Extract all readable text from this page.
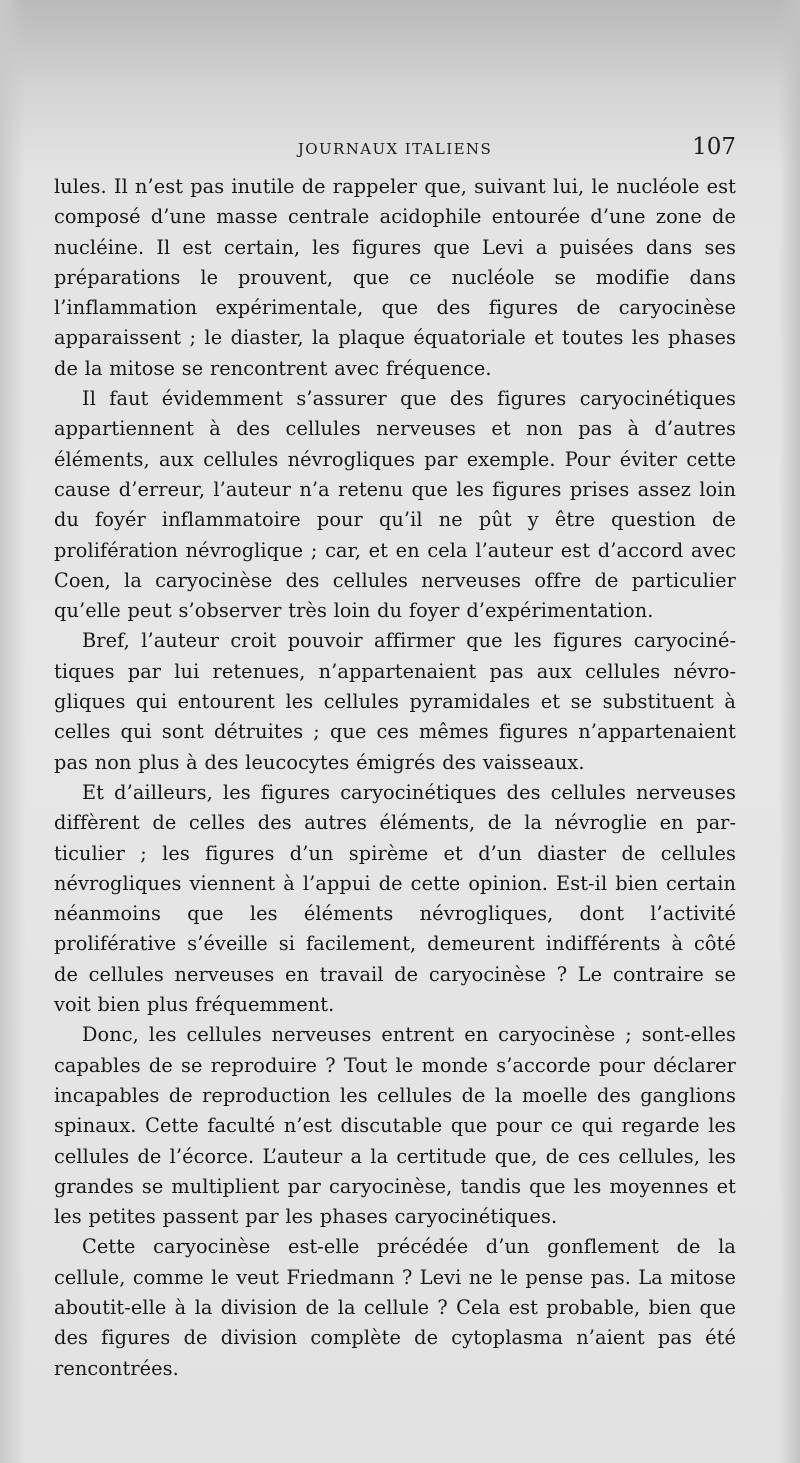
JOURNAUX ITALIENS	107

lules. Il n’est pas inutile de rappeler que, suivant lui, le nucléole est composé d’une masse centrale acidophile entourée d’une zone de nucléine. Il est certain, les figures que Levi a puisées dans ses préparations le prouvent, que ce nucléole se modifie dans l’inflammation expérimentale, que des figures de caryocinèse apparaissent ; le diaster, la plaque équatoriale et toutes les phases de la mitose se rencontrent avec fréquence.

Il faut évidemment s’assurer que des figures caryocinétiques appartiennent à des cellules nerveuses et non pas à d’autres éléments, aux cellules névrogliques par exemple. Pour éviter cette cause d’erreur, l’auteur n’a retenu que les figures prises assez loin du foyér inflammatoire pour qu’il ne pût y être question de prolifération névroglique ; car, et en cela l’auteur est d’accord avec Coen, la caryocinèse des cellules nerveuses offre de particulier qu’elle peut s’observer très loin du foyer d’expérimentation.

Bref, l’auteur croit pouvoir affirmer que les figures caryocinétiques par lui retenues, n’appartenaient pas aux cellules névrogliques qui entourent les cellules pyramidales et se substituent à celles qui sont détruites ; que ces mêmes figures n’appartenaient pas non plus à des leucocytes émigrés des vaisseaux.

Et d’ailleurs, les figures caryocinétiques des cellules nerveuses diffèrent de celles des autres éléments, de la névroglie en particulier ; les figures d’un spirème et d’un diaster de cellules névrogliques viennent à l’appui de cette opinion. Est-il bien certain néanmoins que les éléments névrogliques, dont l’activité proliférative s’éveille si facilement, demeurent indifférents à côté de cellules nerveuses en travail de caryocinèse ? Le contraire se voit bien plus fréquemment.

Donc, les cellules nerveuses entrent en caryocinèse ; sont-elles capables de se reproduire ? Tout le monde s’accorde pour déclarer incapables de reproduction les cellules de la moelle des ganglions spinaux. Cette faculté n’est discutable que pour ce qui regarde les cellules de l’écorce. L’auteur a la certitude que, de ces cellules, les grandes se multiplient par caryocinèse, tandis que les moyennes et les petites passent par les phases caryocinétiques.

Cette caryocinèse est-elle précédée d’un gonflement de la cellule, comme le veut Friedmann ? Levi ne le pense pas. La mitose aboutit-elle à la division de la cellule ? Cela est probable, bien que des figures de division complète de cytoplasma n’aient pas été rencontrées.
